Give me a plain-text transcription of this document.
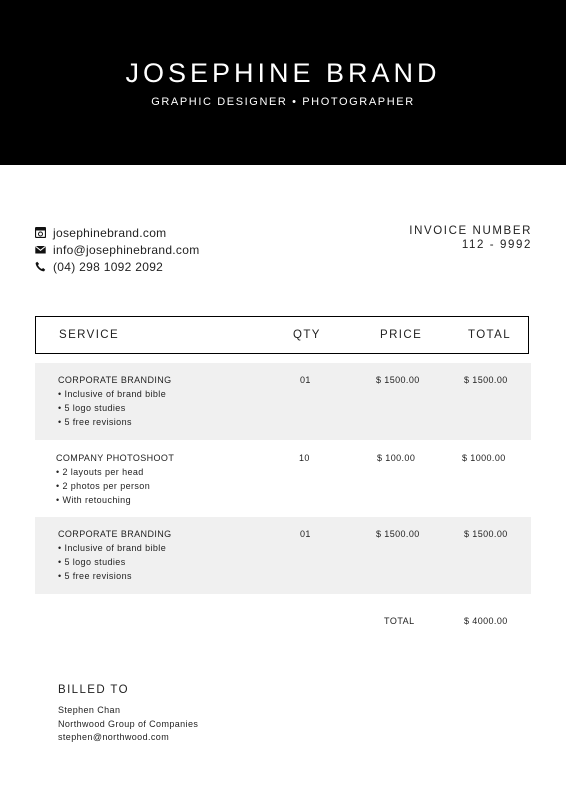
JOSEPHINE BRAND
GRAPHIC DESIGNER • PHOTOGRAPHER
josephinebrand.com
info@josephinebrand.com
(04) 298 1092 2092
INVOICE NUMBER
112 - 9992
SERVICE	QTY	PRICE	TOTAL
CORPORATE BRANDING
• Inclusive of brand bible
• 5 logo studies
• 5 free revisions
01	$ 1500.00	$ 1500.00
COMPANY PHOTOSHOOT
• 2 layouts per head
• 2 photos per person
• With retouching
10	$ 100.00	$ 1000.00
CORPORATE BRANDING
• Inclusive of brand bible
• 5 logo studies
• 5 free revisions
01	$ 1500.00	$ 1500.00
TOTAL	$ 4000.00
BILLED TO
Stephen Chan
Northwood Group of Companies
stephen@northwood.com
